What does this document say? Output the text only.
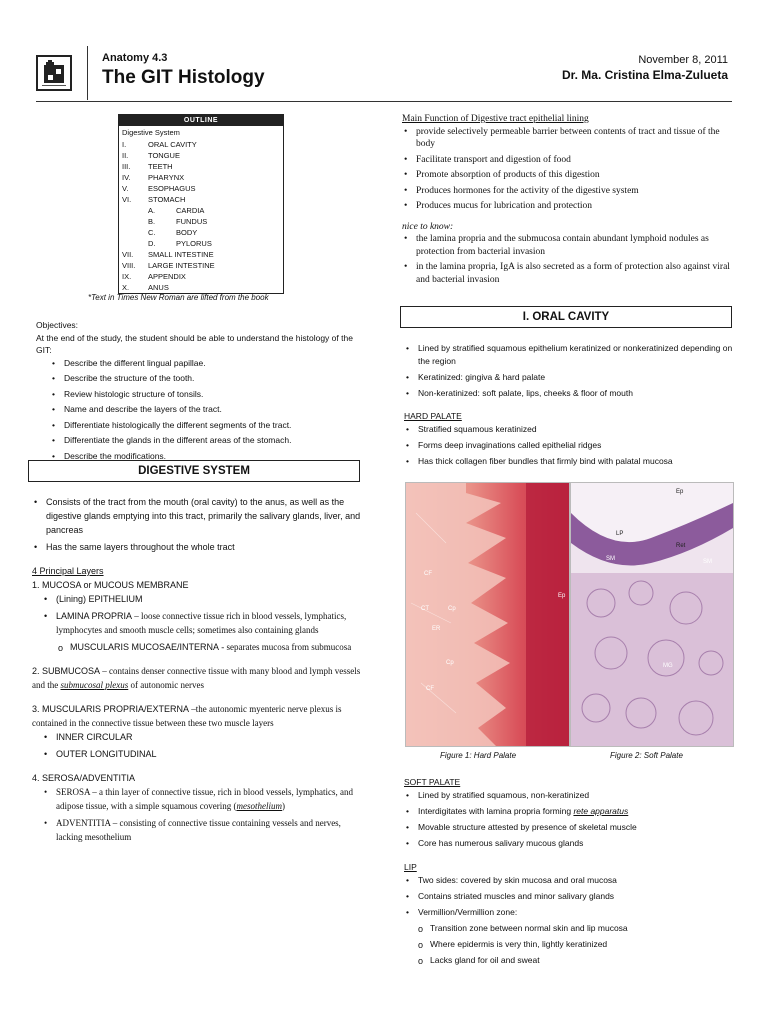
Anatomy 4.3
The GIT Histology
November 8, 2011
Dr. Ma. Cristina Elma-Zulueta
OUTLINE
Digestive System
I.	ORAL CAVITY
II.	TONGUE
III.	TEETH
IV.	PHARYNX
V.	ESOPHAGUS
VI.	STOMACH
A.	CARDIA
B.	FUNDUS
C.	BODY
D.	PYLORUS
VII.	SMALL INTESTINE
VIII.	LARGE INTESTINE
IX.	APPENDIX
X.	ANUS
*Text in Times New Roman are lifted from the book
Objectives:
At the end of the study, the student should be able to understand the histology of the GIT:
• Describe the different lingual papillae.
• Describe the structure of the tooth.
• Review histologic structure of tonsils.
• Name and describe the layers of the tract.
• Differentiate histologically the different segments of the tract.
• Differentiate the glands in the different areas of the stomach.
• Describe the modifications.
DIGESTIVE SYSTEM
• Consists of the tract from the mouth (oral cavity) to the anus, as well as the digestive glands emptying into this tract, primarily the salivary glands, liver, and pancreas
• Has the same layers throughout the whole tract
4 Principal Layers
1. MUCOSA or MUCOUS MEMBRANE
• (Lining) EPITHELIUM
• LAMINA PROPRIA – loose connective tissue rich in blood vessels, lymphatics, lymphocytes and smooth muscle cells; sometimes also containing glands
o MUSCULARIS MUCOSAE/INTERNA - separates mucosa from submucosa
2. SUBMUCOSA – contains denser connective tissue with many blood and lymph vessels and the submucosal plexus of autonomic nerves
3. MUSCULARIS PROPRIA/EXTERNA –the autonomic myenteric nerve plexus is contained in the connective tissue between these two muscle layers
• INNER CIRCULAR
• OUTER LONGITUDINAL
4. SEROSA/ADVENTITIA
• SEROSA – a thin layer of connective tissue, rich in blood vessels, lymphatics, and adipose tissue, with a simple squamous covering (mesothelium)
• ADVENTITIA – consisting of connective tissue containing vessels and nerves, lacking mesothelium
Main Function of Digestive tract epithelial lining
• provide selectively permeable barrier between contents of tract and tissue of the body
• Facilitate transport and digestion of food
• Promote absorption of products of this digestion
• Produces hormones for the activity of the digestive system
• Produces mucus for lubrication and protection
nice to know:
• the lamina propria and the submucosa contain abundant lymphoid nodules as protection from bacterial invasion
• in the lamina propria, IgA is also secreted as a form of protection also against viral and bacterial invasion
I. ORAL CAVITY
• Lined by stratified squamous epithelium keratinized or nonkeratinized depending on the region
• Keratinized: gingiva & hard palate
• Non-keratinized: soft palate, lips, cheeks & floor of mouth
HARD PALATE
• Stratified squamous keratinized
• Forms deep invaginations called epithelial ridges
• Has thick collagen fiber bundles that firmly bind with palatal mucosa
CF
CT	Cp
ER
Cp
CF
Ep
Ep
LP
Ret
SM	SM
MG
Figure 1: Hard Palate	Figure 2: Soft Palate
SOFT PALATE
• Lined by stratified squamous, non-keratinized
• Interdigitates with lamina propria forming rete apparatus
• Movable structure attested by presence of skeletal muscle
• Core has numerous salivary mucous glands
LIP
• Two sides: covered by skin mucosa and oral mucosa
• Contains striated muscles and minor salivary glands
• Vermillion/Vermillion zone:
o Transition zone between normal skin and lip mucosa
o Where epidermis is very thin, lightly keratinized
o Lacks gland for oil and sweat
